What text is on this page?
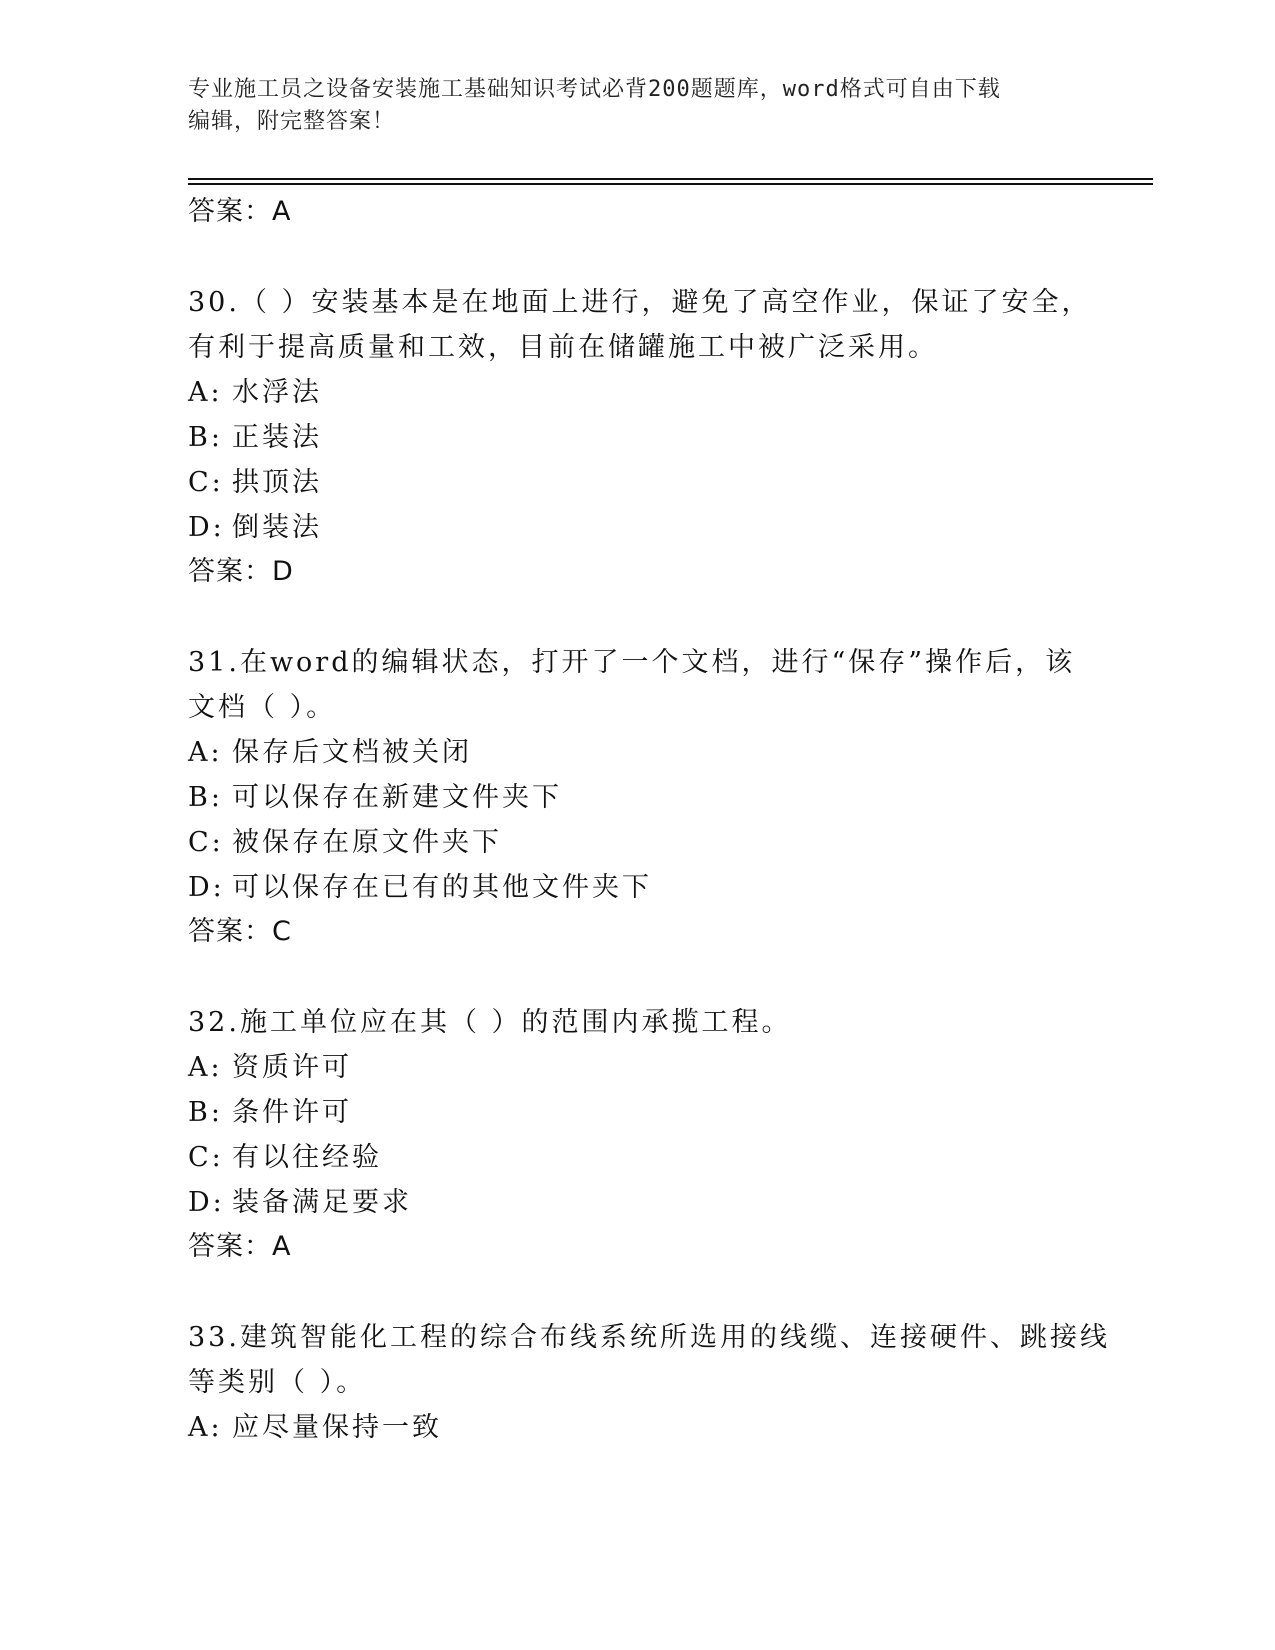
专业施工员之设备安装施工基础知识考试必背200题题库，word格式可自由下载
编辑，附完整答案！
答案：A
30.（ ）安装基本是在地面上进行，避免了高空作业，保证了安全，
有利于提高质量和工效，目前在储罐施工中被广泛采用。
A: 水浮法
B: 正装法
C: 拱顶法
D: 倒装法
答案：D
31.在word的编辑状态，打开了一个文档，进行“保存”操作后，该
文档（ ）。
A: 保存后文档被关闭
B: 可以保存在新建文件夹下
C: 被保存在原文件夹下
D: 可以保存在已有的其他文件夹下
答案：C
32.施工单位应在其（ ）的范围内承揽工程。
A: 资质许可
B: 条件许可
C: 有以往经验
D: 装备满足要求
答案：A
33.建筑智能化工程的综合布线系统所选用的线缆、连接硬件、跳接线
等类别（ ）。
A: 应尽量保持一致
